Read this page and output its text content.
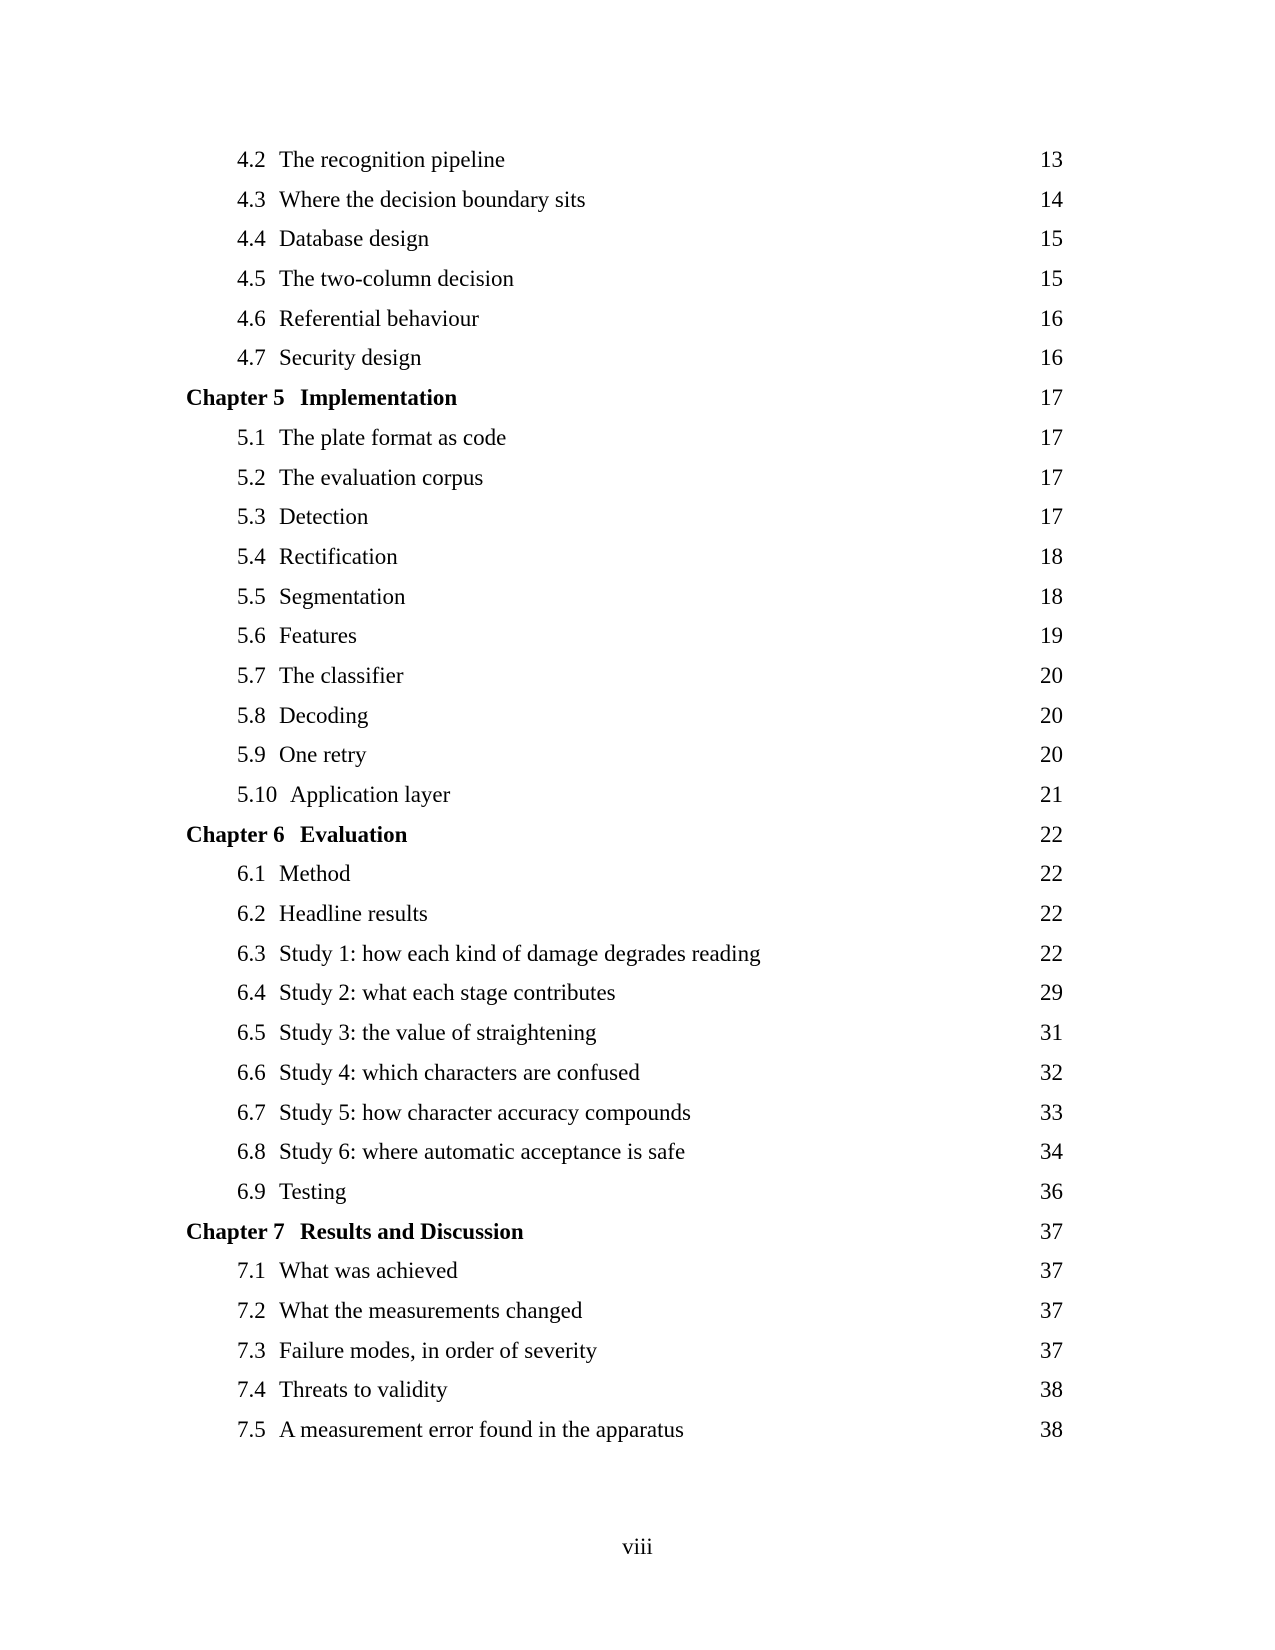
4.2 The recognition pipeline	13
4.3 Where the decision boundary sits	14
4.4 Database design	15
4.5 The two-column decision	15
4.6 Referential behaviour	16
4.7 Security design	16
Chapter 5 Implementation	17
5.1 The plate format as code	17
5.2 The evaluation corpus	17
5.3 Detection	17
5.4 Rectification	18
5.5 Segmentation	18
5.6 Features	19
5.7 The classifier	20
5.8 Decoding	20
5.9 One retry	20
5.10 Application layer	21
Chapter 6 Evaluation	22
6.1 Method	22
6.2 Headline results	22
6.3 Study 1: how each kind of damage degrades reading	22
6.4 Study 2: what each stage contributes	29
6.5 Study 3: the value of straightening	31
6.6 Study 4: which characters are confused	32
6.7 Study 5: how character accuracy compounds	33
6.8 Study 6: where automatic acceptance is safe	34
6.9 Testing	36
Chapter 7 Results and Discussion	37
7.1 What was achieved	37
7.2 What the measurements changed	37
7.3 Failure modes, in order of severity	37
7.4 Threats to validity	38
7.5 A measurement error found in the apparatus	38
viii
